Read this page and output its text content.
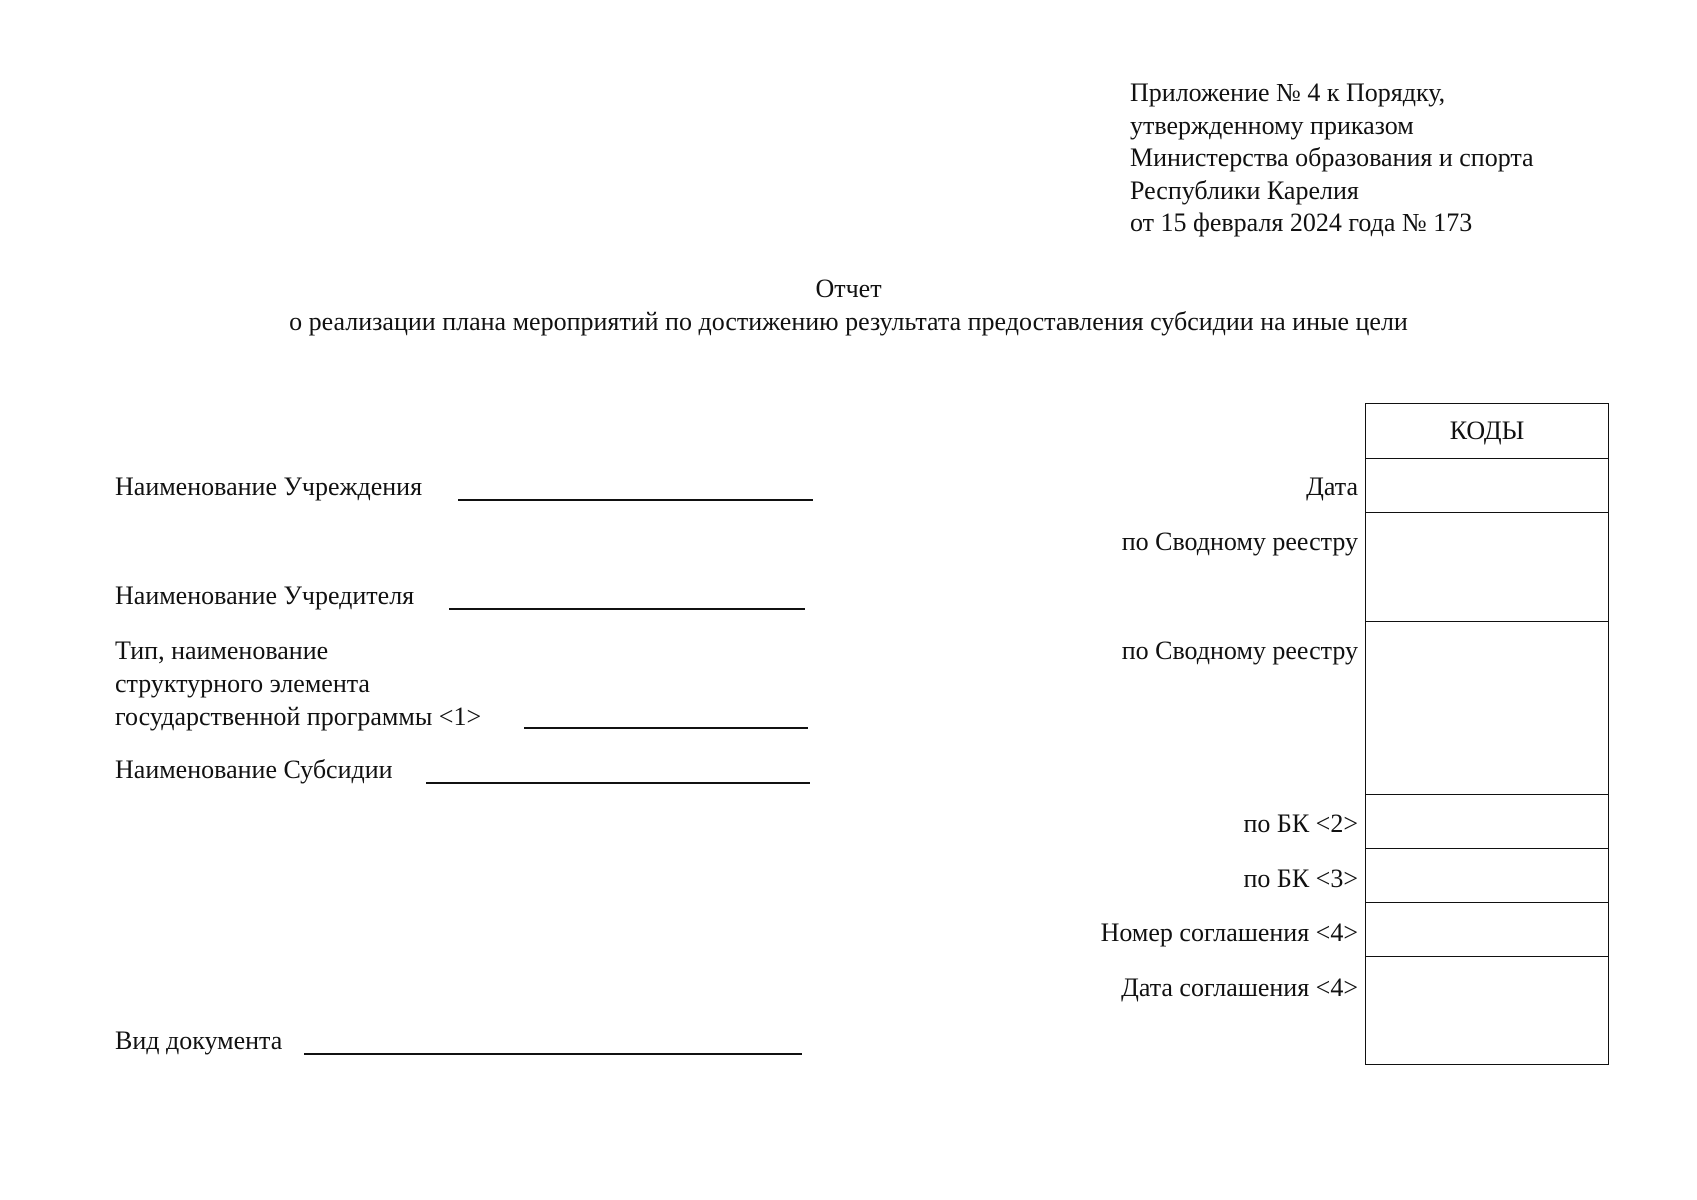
Приложение № 4 к Порядку,
утвержденному приказом
Министерства образования и спорта
Республики Карелия
от 15 февраля 2024 года № 173
Отчет
о реализации плана мероприятий по достижению результата предоставления субсидии на иные цели
Наименование Учреждения
Наименование Учредителя
Тип, наименование
структурного элемента
государственной программы <1>
Наименование Субсидии
Вид документа
Дата
по Сводному реестру
по Сводному реестру
по БК <2>
по БК <3>
Номер соглашения <4>
Дата соглашения <4>
КОДЫ
